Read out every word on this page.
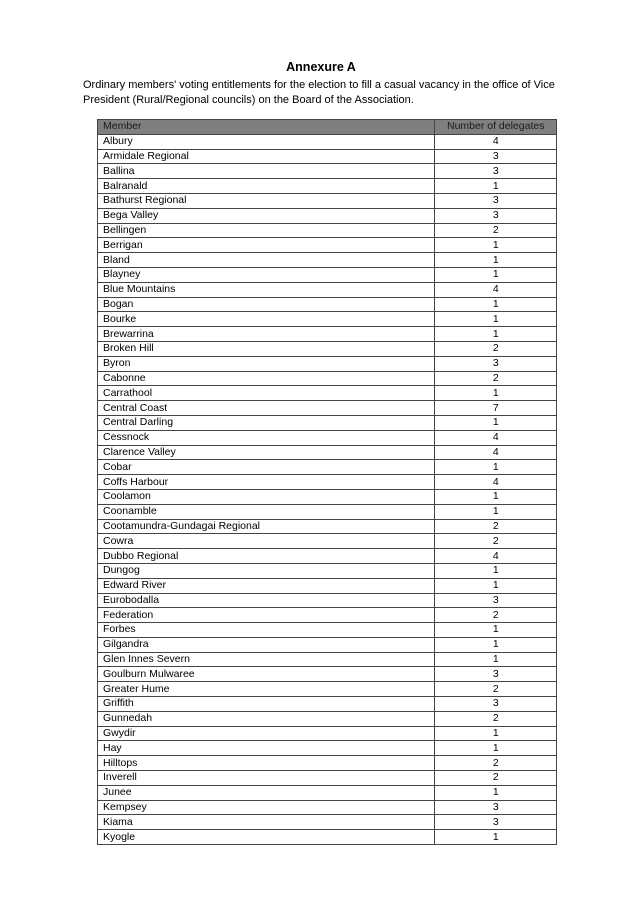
Annexure A
Ordinary members' voting entitlements for the election to fill a casual vacancy in the office of Vice President (Rural/Regional councils) on the Board of the Association.
Member	Number of delegates
Albury	4
Armidale Regional	3
Ballina	3
Balranald	1
Bathurst Regional	3
Bega Valley	3
Bellingen	2
Berrigan	1
Bland	1
Blayney	1
Blue Mountains	4
Bogan	1
Bourke	1
Brewarrina	1
Broken Hill	2
Byron	3
Cabonne	2
Carrathool	1
Central Coast	7
Central Darling	1
Cessnock	4
Clarence Valley	4
Cobar	1
Coffs Harbour	4
Coolamon	1
Coonamble	1
Cootamundra-Gundagai Regional	2
Cowra	2
Dubbo Regional	4
Dungog	1
Edward River	1
Eurobodalla	3
Federation	2
Forbes	1
Gilgandra	1
Glen Innes Severn	1
Goulburn Mulwaree	3
Greater Hume	2
Griffith	3
Gunnedah	2
Gwydir	1
Hay	1
Hilltops	2
Inverell	2
Junee	1
Kempsey	3
Kiama	3
Kyogle	1
